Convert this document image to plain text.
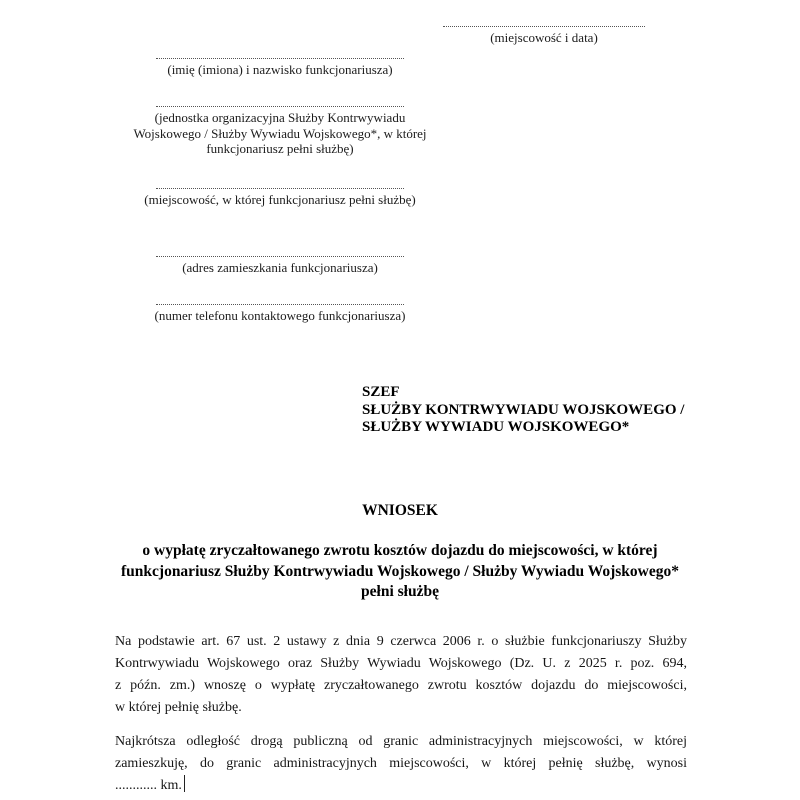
(miejscowość i data)
(imię (imiona) i nazwisko funkcjonariusza)
(jednostka organizacyjna Służby Kontrwywiadu Wojskowego / Służby Wywiadu Wojskowego*, w której funkcjonariusz pełni służbę)
(miejscowość, w której funkcjonariusz pełni służbę)
(adres zamieszkania funkcjonariusza)
(numer telefonu kontaktowego funkcjonariusza)
SZEF
SŁUŻBY KONTRWYWIADU WOJSKOWEGO /
SŁUŻBY WYWIADU WOJSKOWEGO*
WNIOSEK
o wypłatę zryczałtowanego zwrotu kosztów dojazdu do miejscowości, w której
funkcjonariusz Służby Kontrwywiadu Wojskowego / Służby Wywiadu Wojskowego*
pełni służbę
Na podstawie art. 67 ust. 2 ustawy z dnia 9 czerwca 2006 r. o służbie funkcjonariuszy Służby
Kontrwywiadu Wojskowego oraz Służby Wywiadu Wojskowego (Dz. U. z 2025 r. poz. 694,
z późn. zm.) wnoszę o wypłatę zryczałtowanego zwrotu kosztów dojazdu do miejscowości,
w której pełnię służbę.
Najkrótsza odległość drogą publiczną od granic administracyjnych miejscowości, w której
zamieszkuję, do granic administracyjnych miejscowości, w której pełnię służbę, wynosi
............ km.
